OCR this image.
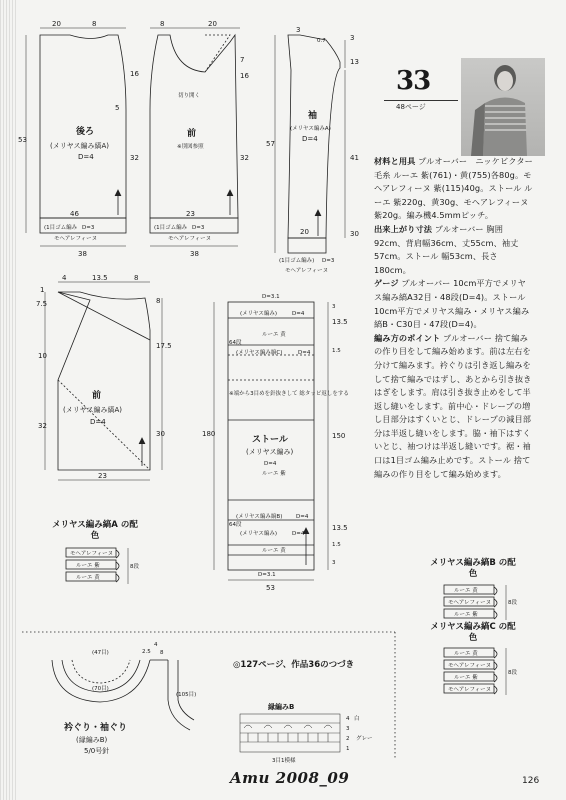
後ろ
(メリヤス編み縞A)
D=4
(1目ゴム編み D=3
モヘアレフィーヌ
20	8
53
32
16
5
46
38
前
※別図参照
切り開く
23
38
(1目ゴム編み D=3
モヘアレフィーヌ
7
16
32
8	20
袖
(メリヤス編みA)
D=4
(1目ゴム編み) D=3
モヘアレフィーヌ
3
13
57
41
20	30
0.7	3
前
(メリヤス編み縞A)
D=4
4	13.5	8
1
7.5
10
32
17.5
8
30
23
D=3.1
(メリヤス編み)	D=4
ルーエ 黄
(メリヤス編み縞C)	D=4
※端から3目めを針抜きして 総タッピ返しをする
ストール
(メリヤス編み)
D=4
ルーエ 紫
(メリヤス編み縞B) D=4
(メリヤス編み)	D=4
ルーエ 黄
D=3.1
13.5
150
13.5
180
53
64段
64段
3
1.5
3
1.5
モヘアレフィーヌ
ルーエ 紫
ルーエ 黄
8段
ルーエ 黄
モヘアレフィーヌ
ルーエ 紫
8段
ルーエ 黄
モヘアレフィーヌ
ルーエ 紫
モヘアレフィーヌ
8段
衿ぐり・袖ぐり
(縁編みB)
5/0号針
(47目)
(70目)
(105目)
2.5
4
8
縁編みB
4
3
2
1
白
グレー
3目1模様
33
48ページ
材料と用具 プルオーバー　ニッケビクター毛糸 ルーエ 紫(761)・黄(755)各80g。モヘアレフィーヌ 紫(115)40g。ストール ルーエ 紫220g、黄30g、モヘアレフィーヌ 紫20g。編み機4.5mmピッチ。
出来上がり寸法 プルオーバー 胸囲92cm、背肩幅36cm、丈55cm、袖丈57cm。ストール 幅53cm、長さ180cm。
ゲージ プルオーバー 10cm平方でメリヤス編み縞A32目・48段(D=4)。ストール 10cm平方でメリヤス編み・メリヤス編み縞B・C30目・47段(D=4)。
編み方のポイント プルオーバー 捨て編みの作り目をして編み始めます。前は左右を分けて編みます。衿ぐりは引き返し編みをして捨て編みではずし、あとから引き抜きはぎをします。肩は引き抜き止めをして半返し縫いをします。前中心・ドレープの増し目部分はすくいとじ、ドレープの減目部分は半返し縫いをします。脇・袖下はすくいとじ、袖つけは半返し縫いです。裾・袖口は1目ゴム編み止めです。ストール 捨て編みの作り目をして編み始めます。
メリヤス編み縞A の配色
メリヤス編み縞B の配色
メリヤス編み縞C の配色
◎127ページ、作品36のつづき
Amu 2008_09	126
